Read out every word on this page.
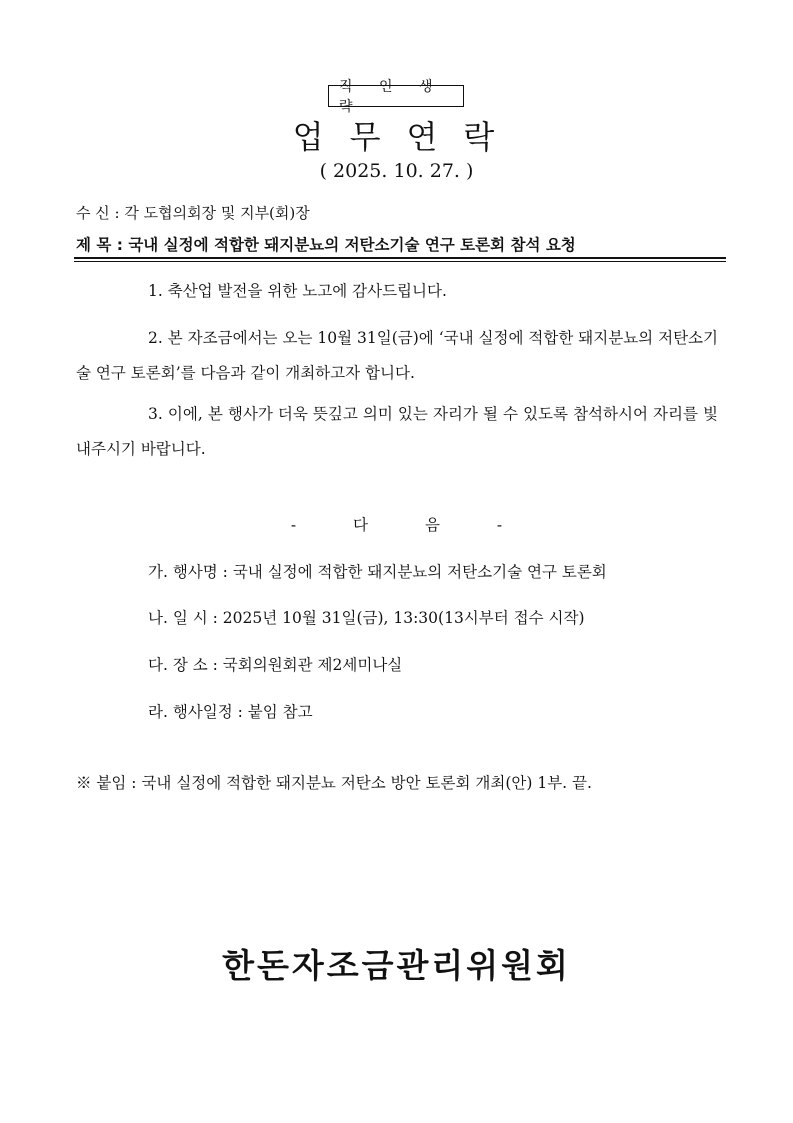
직 인 생 략
업무연락
( 2025. 10. 27. )
수 신 : 각 도협의회장 및 지부(회)장
제 목 : 국내 실정에 적합한 돼지분뇨의 저탄소기술 연구 토론회 참석 요청
1. 축산업 발전을 위한 노고에 감사드립니다.
2. 본 자조금에서는 오는 10월 31일(금)에 ‘국내 실정에 적합한 돼지분뇨의 저탄소기술 연구 토론회’를 다음과 같이 개최하고자 합니다.
3. 이에, 본 행사가 더욱 뜻깊고 의미 있는 자리가 될 수 있도록 참석하시어 자리를 빛내주시기 바랍니다.
- 다 음 -
가. 행사명 : 국내 실정에 적합한 돼지분뇨의 저탄소기술 연구 토론회
나. 일 시 : 2025년 10월 31일(금), 13:30(13시부터 접수 시작)
다. 장 소 : 국회의원회관 제2세미나실
라. 행사일정 : 붙임 참고
※ 붙임 : 국내 실정에 적합한 돼지분뇨 저탄소 방안 토론회 개최(안) 1부. 끝.
한돈자조금관리위원회
